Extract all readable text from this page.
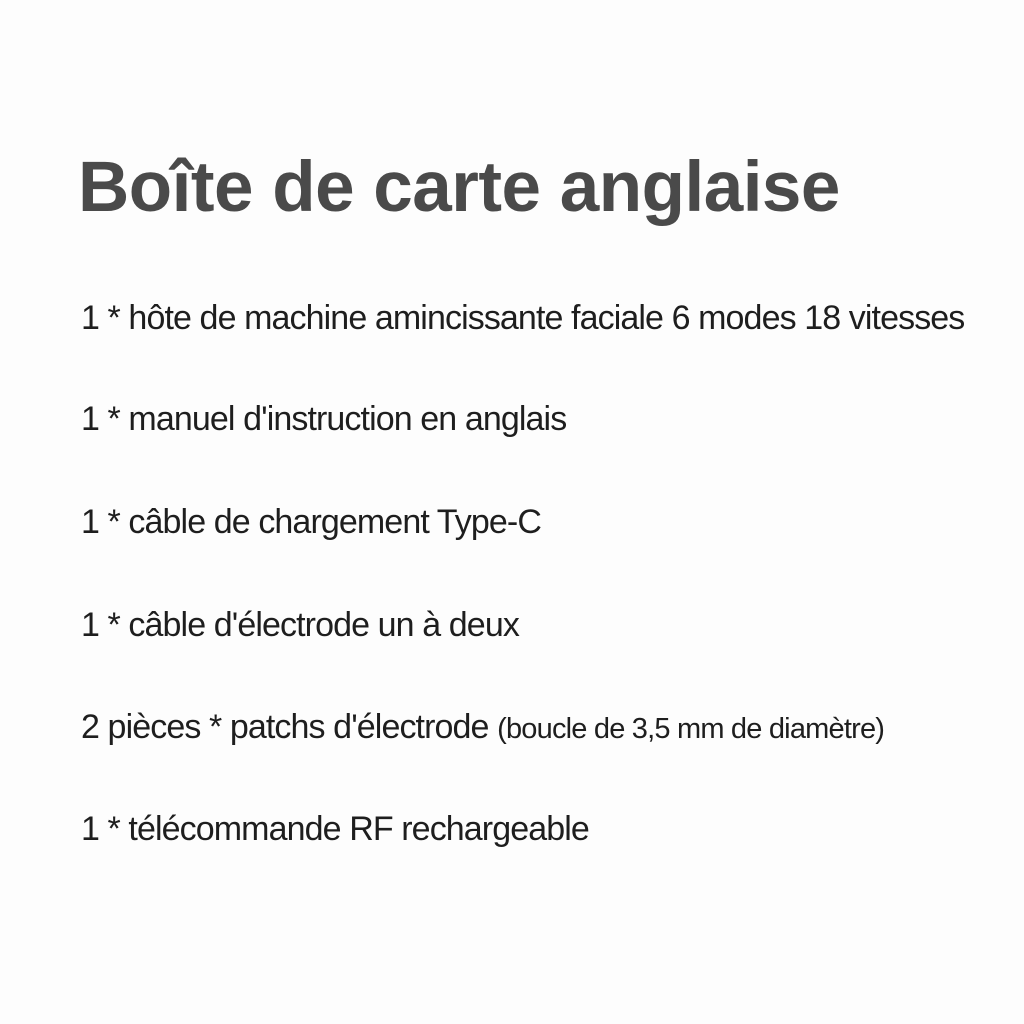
Boîte de carte anglaise

1 * hôte de machine amincissante faciale 6 modes 18 vitesses

1 * manuel d'instruction en anglais

1 * câble de chargement Type-C

1 * câble d'électrode un à deux

2 pièces * patchs d'électrode (boucle de 3,5 mm de diamètre)

1 * télécommande RF rechargeable
